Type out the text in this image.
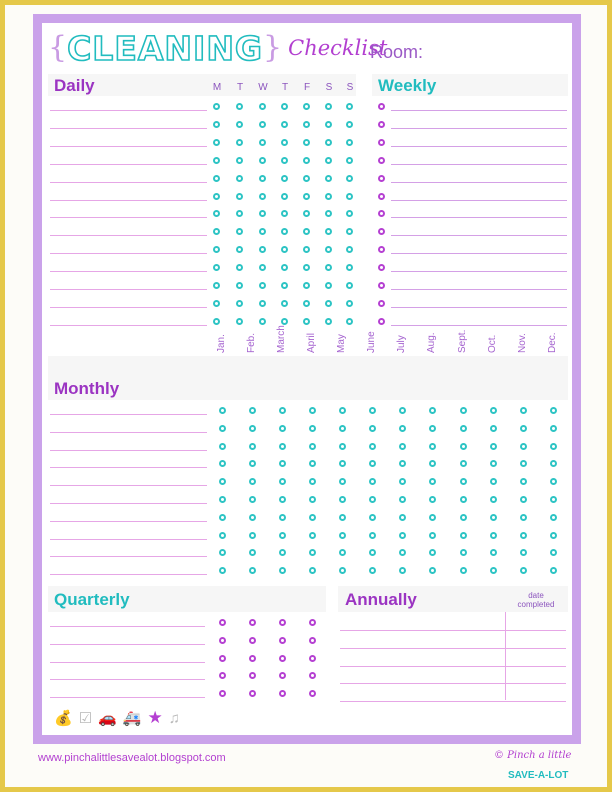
{ CLEANING } Checklist
Room:
Daily	Weekly
Monthly
Quarterly	Annually	date
completed
M	T	W	T	F	S	S
Jan. Feb. March April May June July Aug. Sept. Oct. Nov. Dec.
💰 ☑ 🚗 🚑 ★ ♫
www.pinchalittlesavealot.blogspot.com	© Pinch a little
SAVE-A-LOT
